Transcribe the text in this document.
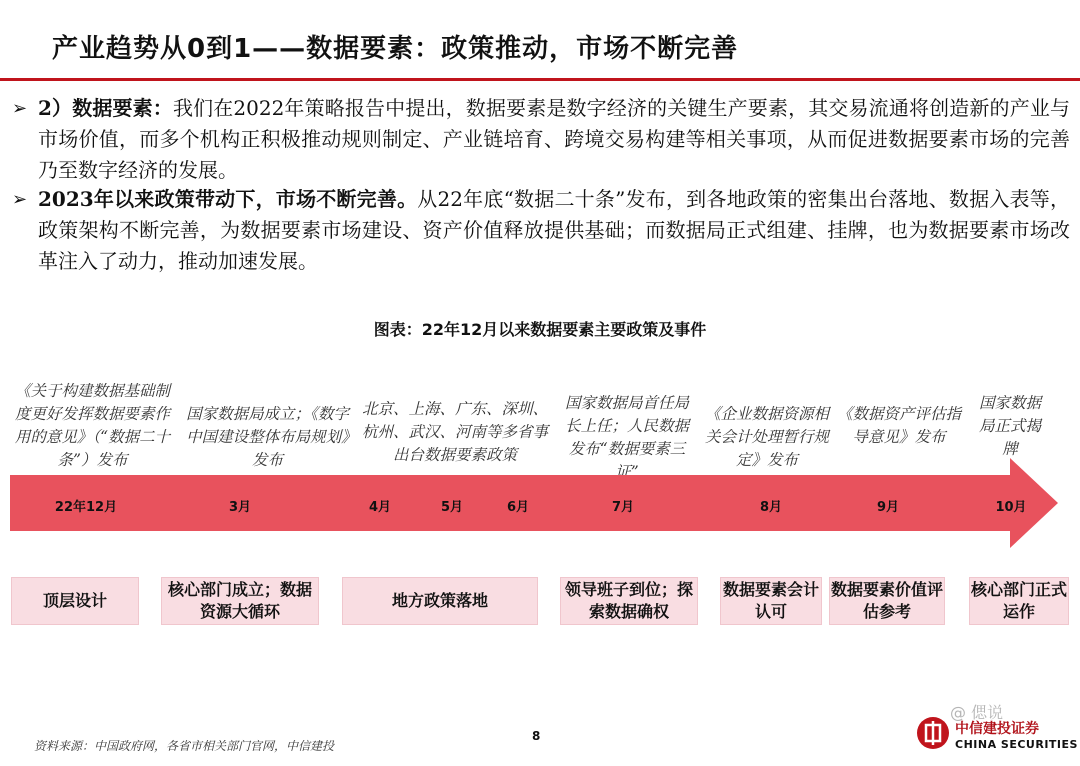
产业趋势从0到1——数据要素：政策推动，市场不断完善
➢ 2）数据要素：我们在2022年策略报告中提出，数据要素是数字经济的关键生产要素，其交易流通将创造新的产业与市场价值，而多个机构正积极推动规则制定、产业链培育、跨境交易构建等相关事项，从而促进数据要素市场的完善乃至数字经济的发展。
➢ 2023年以来政策带动下，市场不断完善。从22年底“数据二十条”发布，到各地政策的密集出台落地、数据入表等，政策架构不断完善，为数据要素市场建设、资产价值释放提供基础；而数据局正式组建、挂牌，也为数据要素市场改革注入了动力，推动加速发展。
图表：22年12月以来数据要素主要政策及事件
《关于构建数据基础制度更好发挥数据要素作用的意见》（“数据二十条”）发布
国家数据局成立；《数字中国建设整体布局规划》发布
北京、上海、广东、深圳、杭州、武汉、河南等多省事出台数据要素政策
国家数据局首任局长上任；人民数据发布“数据要素三证”
《企业数据资源相关会计处理暂行规定》发布
《数据资产评估指导意见》发布
国家数据局正式揭牌
22年12月	3月	4月	5月	6月	7月	8月	9月	10月
顶层设计
核心部门成立；数据资源大循环
地方政策落地
领导班子到位；探索数据确权
数据要素会计认可
数据要素价值评估参考
核心部门正式运作
资料来源：中国政府网，各省市相关部门官网，中信建投
8	中信建投证券
CHINA SECURITIES
@ 偲说
